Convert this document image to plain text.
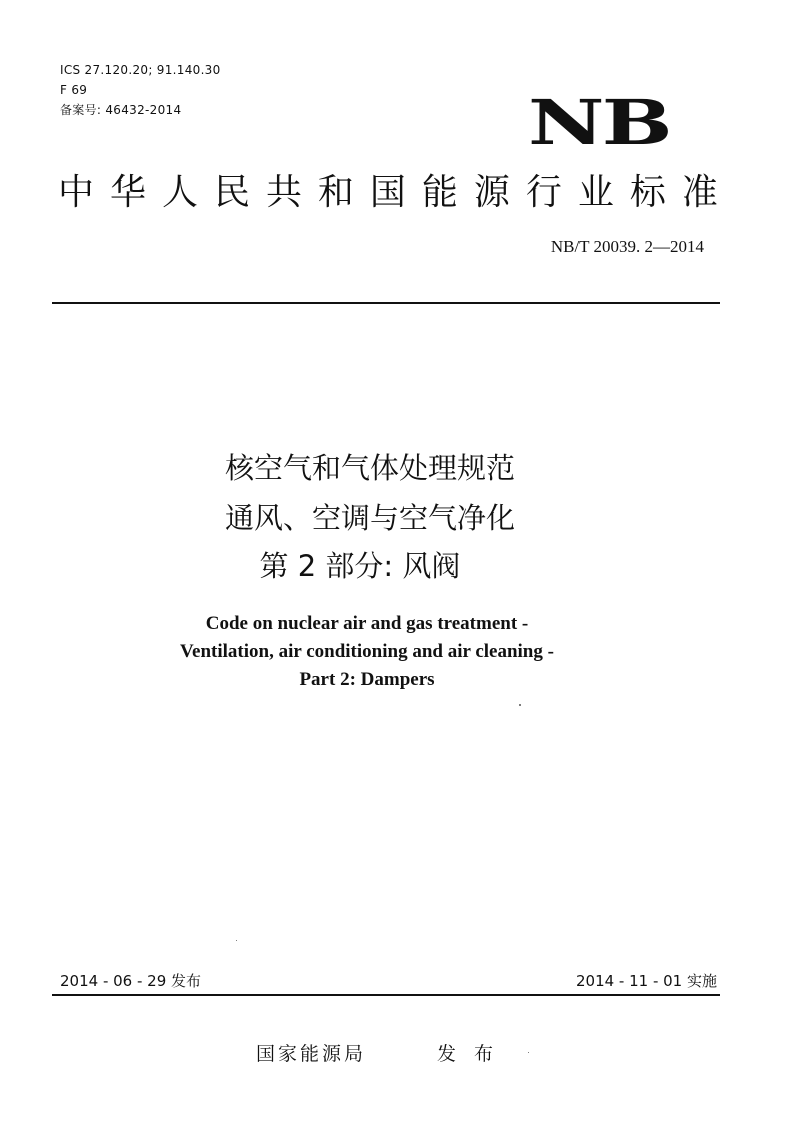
ICS 27.120.20; 91.140.30
F 69
备案号: 46432-2014	NB
中 华 人 民 共 和 国 能 源 行 业 标 准
NB/T 20039. 2—2014
核空气和气体处理规范
通风、空调与空气净化
第 2 部分: 风阀
Code on nuclear air and gas treatment -
Ventilation, air conditioning and air cleaning -
Part 2: Dampers
2014 - 06 - 29 发布	2014 - 11 - 01 实施
国家能源局	发 布
